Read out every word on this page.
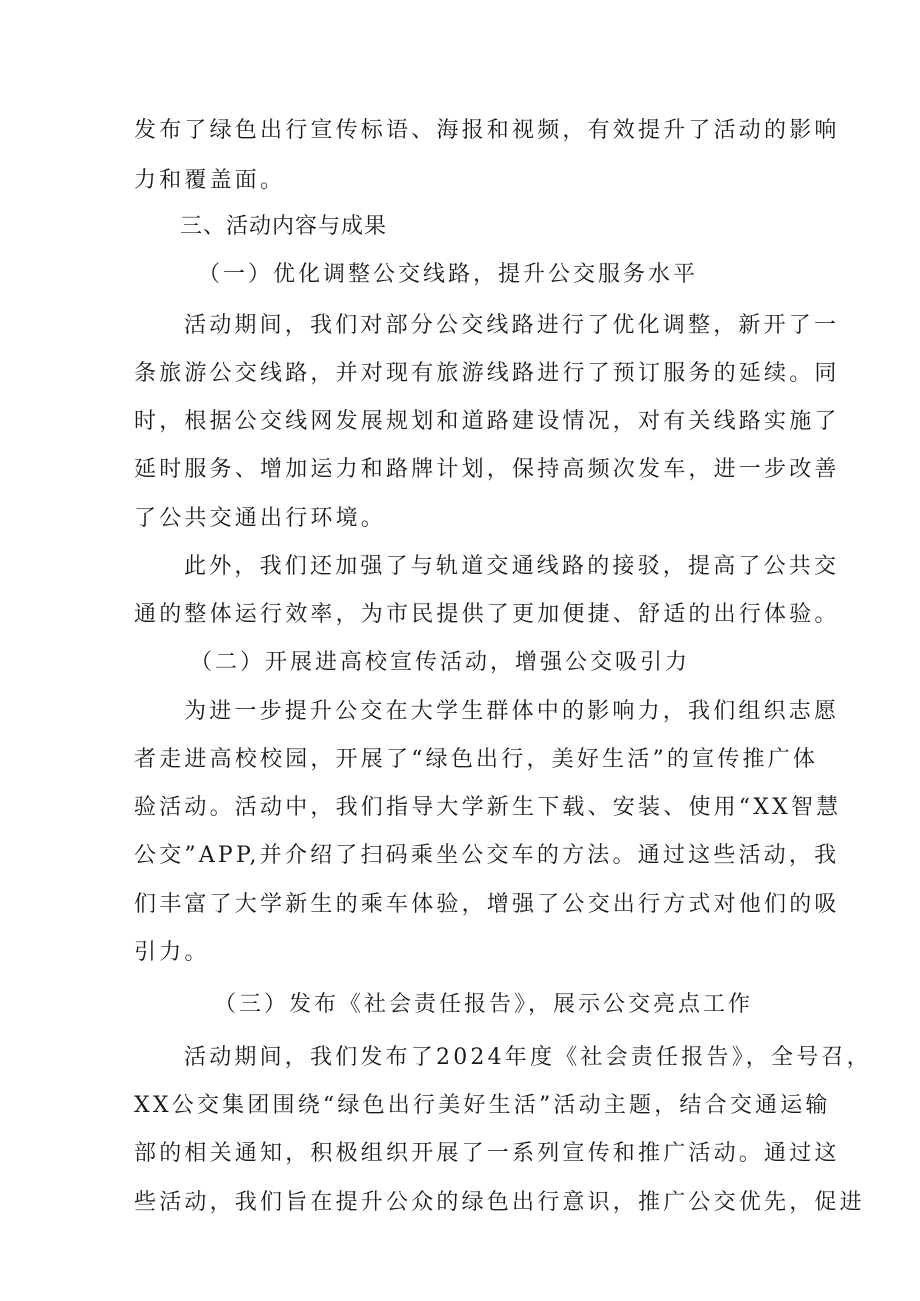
发布了绿色出行宣传标语、海报和视频，有效提升了活动的影响
力和覆盖面。
三、活动内容与成果
（一）优化调整公交线路，提升公交服务水平
活动期间，我们对部分公交线路进行了优化调整，新开了一
条旅游公交线路，并对现有旅游线路进行了预订服务的延续。同
时，根据公交线网发展规划和道路建设情况，对有关线路实施了
延时服务、增加运力和路牌计划，保持高频次发车，进一步改善
了公共交通出行环境。
此外，我们还加强了与轨道交通线路的接驳，提高了公共交
通的整体运行效率，为市民提供了更加便捷、舒适的出行体验。
（二）开展进高校宣传活动，增强公交吸引力
为进一步提升公交在大学生群体中的影响力，我们组织志愿
者走进高校校园，开展了“绿色出行，美好生活”的宣传推广体
验活动。活动中，我们指导大学新生下载、安装、使用“XX智慧
公交”APP,并介绍了扫码乘坐公交车的方法。通过这些活动，我
们丰富了大学新生的乘车体验，增强了公交出行方式对他们的吸
引力。
（三）发布《社会责任报告》，展示公交亮点工作
活动期间，我们发布了2024年度《社会责任报告》，全号召，
XX公交集团围绕“绿色出行美好生活”活动主题，结合交通运输
部的相关通知，积极组织开展了一系列宣传和推广活动。通过这
些活动，我们旨在提升公众的绿色出行意识，推广公交优先，促进
